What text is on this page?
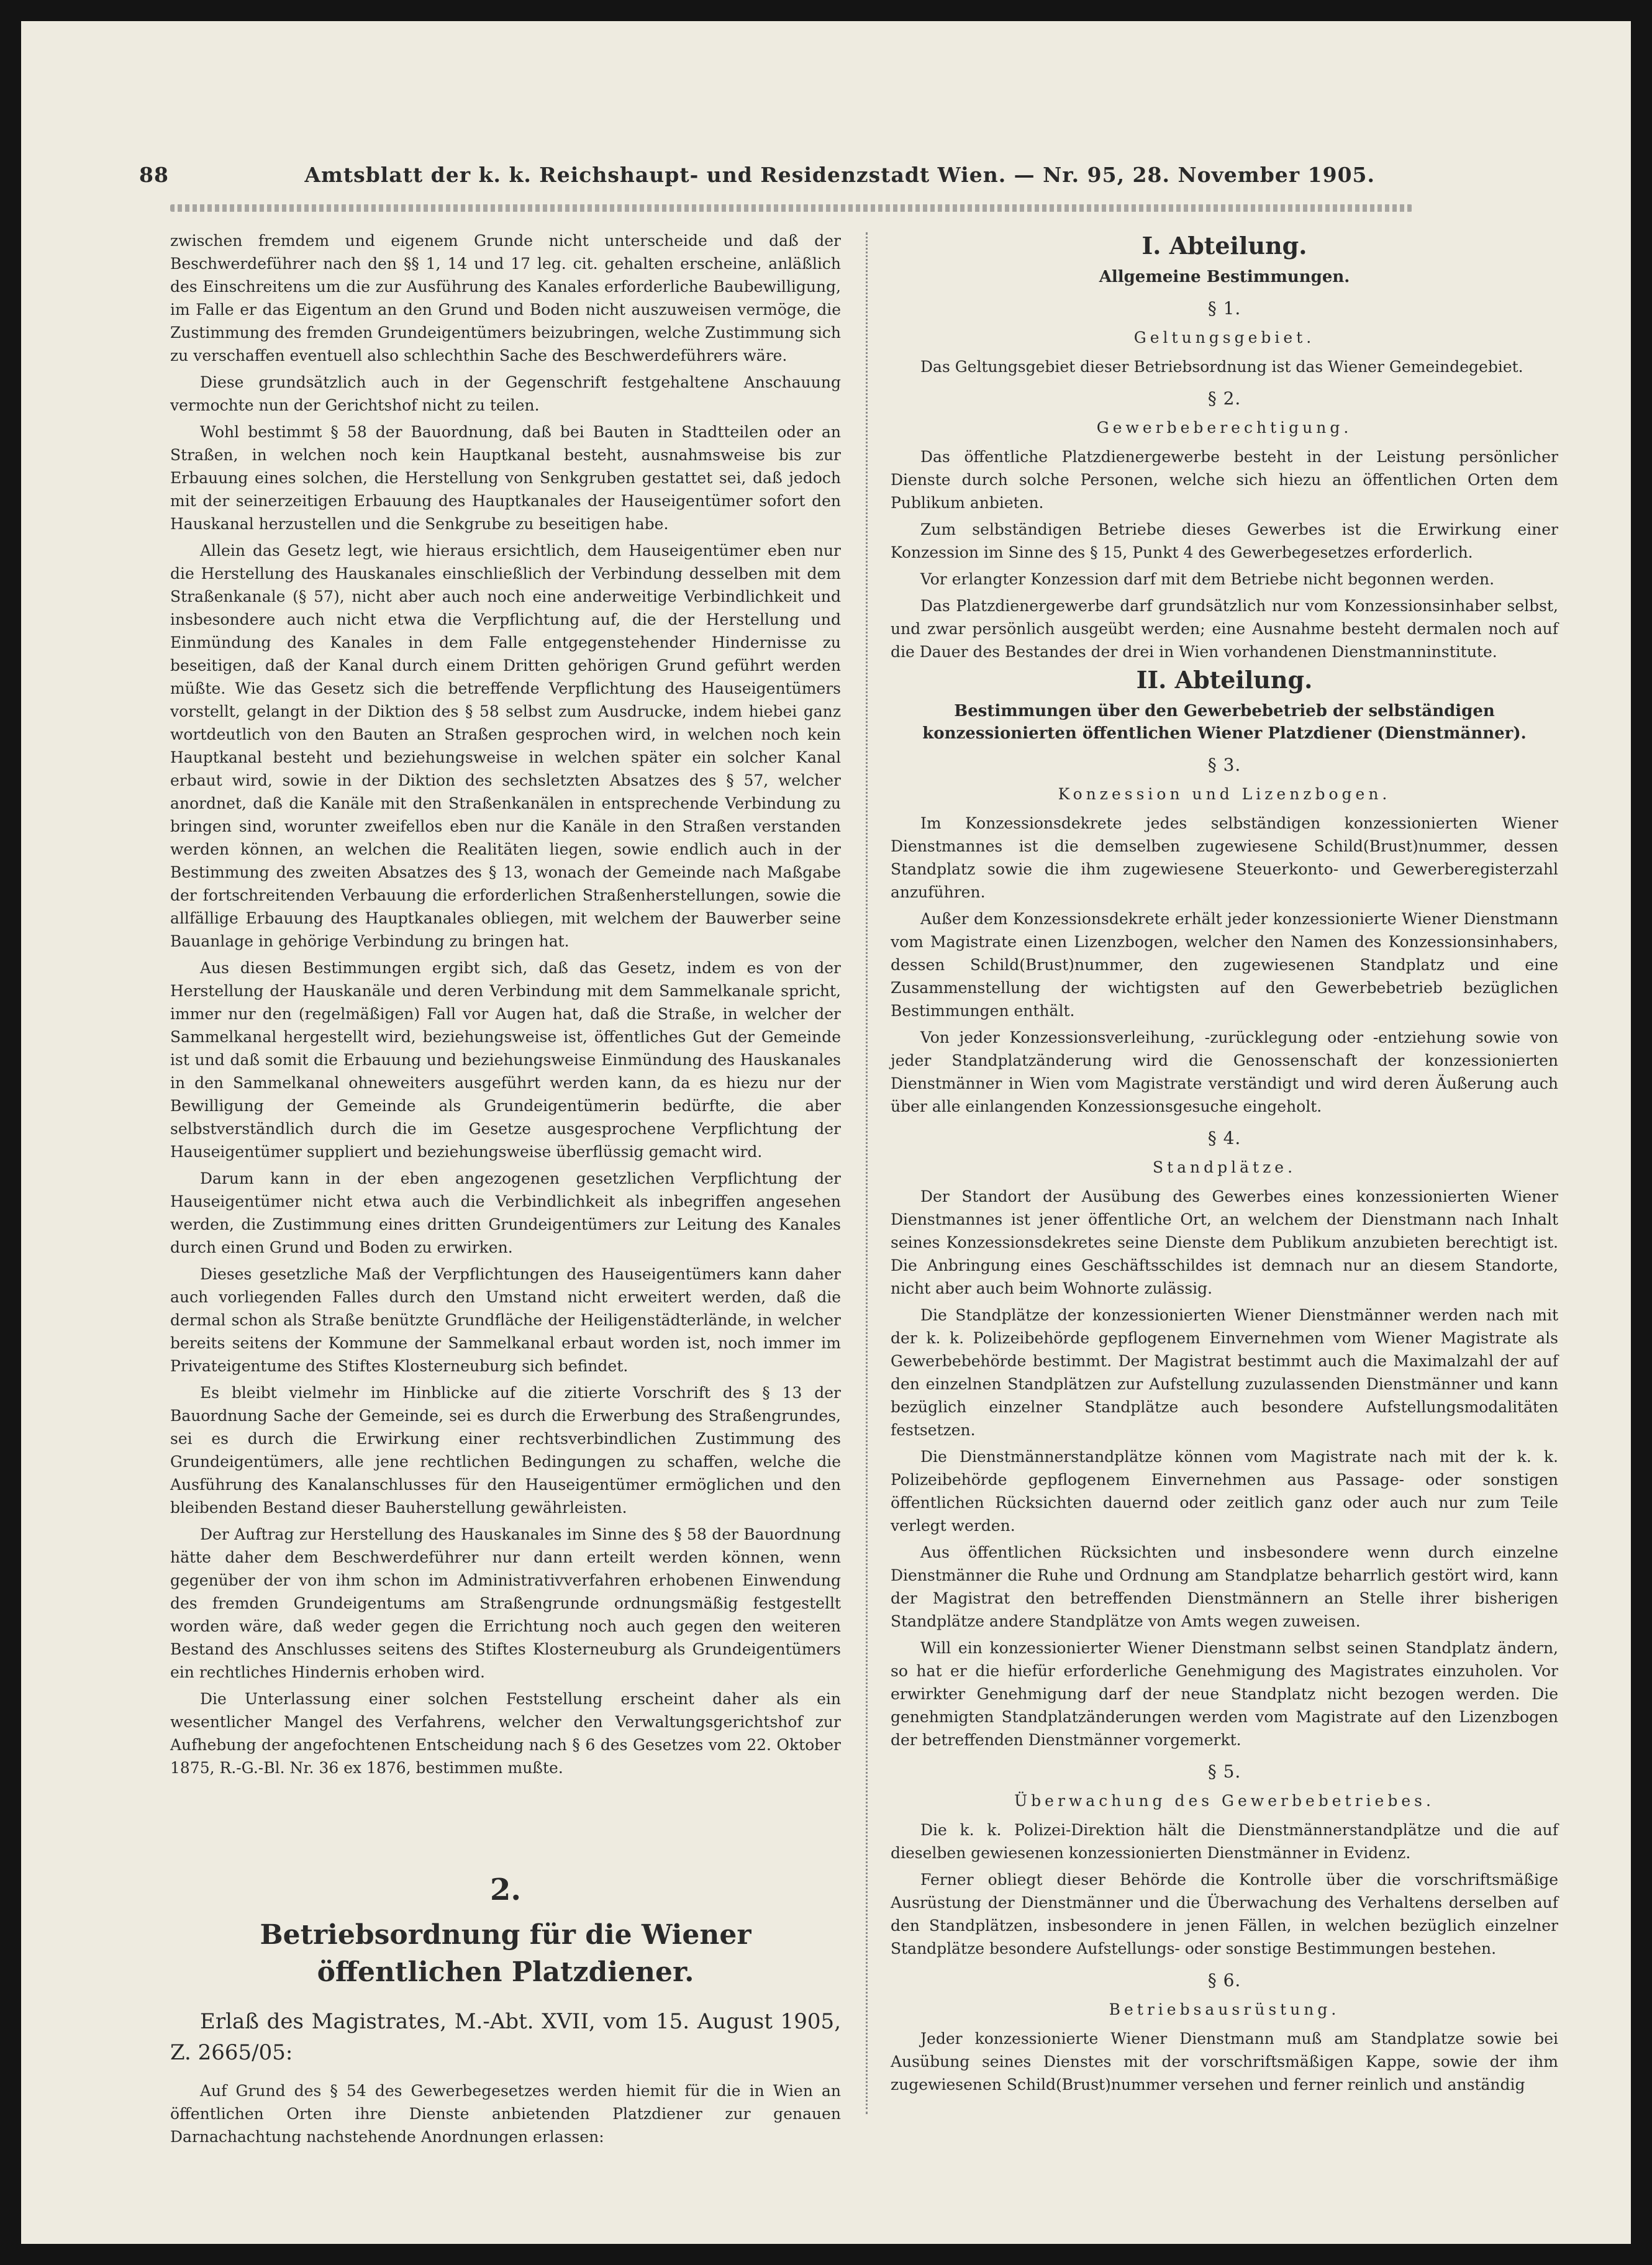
88	Amtsblatt der k. k. Reichshaupt- und Residenzstadt Wien. — Nr. 95, 28. November 1905.

zwischen fremdem und eigenem Grunde nicht unterscheide und daß der Beschwerdeführer nach den §§ 1, 14 und 17 leg. cit. gehalten erscheine, anläßlich des Einschreitens um die zur Ausführung des Kanales erforderliche Baubewilligung, im Falle er das Eigentum an den Grund und Boden nicht auszuweisen vermöge, die Zustimmung des fremden Grundeigentümers beizubringen, welche Zustimmung sich zu verschaffen eventuell also schlechthin Sache des Beschwerdeführers wäre.

Diese grundsätzlich auch in der Gegenschrift festgehaltene Anschauung vermochte nun der Gerichtshof nicht zu teilen.

Wohl bestimmt § 58 der Bauordnung, daß bei Bauten in Stadtteilen oder an Straßen, in welchen noch kein Hauptkanal besteht, ausnahmsweise bis zur Erbauung eines solchen, die Herstellung von Senkgruben gestattet sei, daß jedoch mit der seinerzeitigen Erbauung des Hauptkanales der Hauseigentümer sofort den Hauskanal herzustellen und die Senkgrube zu beseitigen habe.

Allein das Gesetz legt, wie hieraus ersichtlich, dem Hauseigentümer eben nur die Herstellung des Hauskanales einschließlich der Verbindung desselben mit dem Straßenkanale (§ 57), nicht aber auch noch eine anderweitige Verbindlichkeit und insbesondere auch nicht etwa die Verpflichtung auf, die der Herstellung und Einmündung des Kanales in dem Falle entgegenstehender Hindernisse zu beseitigen, daß der Kanal durch einem Dritten gehörigen Grund geführt werden müßte. Wie das Gesetz sich die betreffende Verpflichtung des Hauseigentümers vorstellt, gelangt in der Diktion des § 58 selbst zum Ausdrucke, indem hiebei ganz wortdeutlich von den Bauten an Straßen gesprochen wird, in welchen noch kein Hauptkanal besteht und beziehungsweise in welchen später ein solcher Kanal erbaut wird, sowie in der Diktion des sechsletzten Absatzes des § 57, welcher anordnet, daß die Kanäle mit den Straßenkanälen in entsprechende Verbindung zu bringen sind, worunter zweifellos eben nur die Kanäle in den Straßen verstanden werden können, an welchen die Realitäten liegen, sowie endlich auch in der Bestimmung des zweiten Absatzes des § 13, wonach der Gemeinde nach Maßgabe der fortschreitenden Verbauung die erforderlichen Straßenherstellungen, sowie die allfällige Erbauung des Hauptkanales obliegen, mit welchem der Bauwerber seine Bauanlage in gehörige Verbindung zu bringen hat.

Aus diesen Bestimmungen ergibt sich, daß das Gesetz, indem es von der Herstellung der Hauskanäle und deren Verbindung mit dem Sammelkanale spricht, immer nur den (regelmäßigen) Fall vor Augen hat, daß die Straße, in welcher der Sammelkanal hergestellt wird, beziehungsweise ist, öffentliches Gut der Gemeinde ist und daß somit die Erbauung und beziehungsweise Einmündung des Hauskanales in den Sammelkanal ohneweiters ausgeführt werden kann, da es hiezu nur der Bewilligung der Gemeinde als Grundeigentümerin bedürfte, die aber selbstverständlich durch die im Gesetze ausgesprochene Verpflichtung der Hauseigentümer suppliert und beziehungsweise überflüssig gemacht wird.

Darum kann in der eben angezogenen gesetzlichen Verpflichtung der Hauseigentümer nicht etwa auch die Verbindlichkeit als inbegriffen angesehen werden, die Zustimmung eines dritten Grundeigentümers zur Leitung des Kanales durch einen Grund und Boden zu erwirken.

Dieses gesetzliche Maß der Verpflichtungen des Hauseigentümers kann daher auch vorliegenden Falles durch den Umstand nicht erweitert werden, daß die dermal schon als Straße benützte Grundfläche der Heiligenstädterlände, in welcher bereits seitens der Kommune der Sammelkanal erbaut worden ist, noch immer im Privateigentume des Stiftes Klosterneuburg sich befindet.

Es bleibt vielmehr im Hinblicke auf die zitierte Vorschrift des § 13 der Bauordnung Sache der Gemeinde, sei es durch die Erwerbung des Straßengrundes, sei es durch die Erwirkung einer rechtsverbindlichen Zustimmung des Grundeigentümers, alle jene rechtlichen Bedingungen zu schaffen, welche die Ausführung des Kanalanschlusses für den Hauseigentümer ermöglichen und den bleibenden Bestand dieser Bauherstellung gewährleisten.

Der Auftrag zur Herstellung des Hauskanales im Sinne des § 58 der Bauordnung hätte daher dem Beschwerdeführer nur dann erteilt werden können, wenn gegenüber der von ihm schon im Administrativverfahren erhobenen Einwendung des fremden Grundeigentums am Straßengrunde ordnungsmäßig festgestellt worden wäre, daß weder gegen die Errichtung noch auch gegen den weiteren Bestand des Anschlusses seitens des Stiftes Klosterneuburg als Grundeigentümers ein rechtliches Hindernis erhoben wird.

Die Unterlassung einer solchen Feststellung erscheint daher als ein wesentlicher Mangel des Verfahrens, welcher den Verwaltungsgerichtshof zur Aufhebung der angefochtenen Entscheidung nach § 6 des Gesetzes vom 22. Oktober 1875, R.-G.-Bl. Nr. 36 ex 1876, bestimmen mußte.

2.
Betriebsordnung für die Wiener öffentlichen Platzdiener.

Erlaß des Magistrates, M.-Abt. XVII, vom 15. August 1905, Z. 2665/05:

Auf Grund des § 54 des Gewerbegesetzes werden hiemit für die in Wien an öffentlichen Orten ihre Dienste anbietenden Platzdiener zur genauen Darnachachtung nachstehende Anordnungen erlassen:

I. Abteilung.
Allgemeine Bestimmungen.
§ 1.
Geltungsgebiet.

Das Geltungsgebiet dieser Betriebsordnung ist das Wiener Gemeindegebiet.

§ 2.
Gewerbeberechtigung.

Das öffentliche Platzdienergewerbe besteht in der Leistung persönlicher Dienste durch solche Personen, welche sich hiezu an öffentlichen Orten dem Publikum anbieten.

Zum selbständigen Betriebe dieses Gewerbes ist die Erwirkung einer Konzession im Sinne des § 15, Punkt 4 des Gewerbegesetzes erforderlich.

Vor erlangter Konzession darf mit dem Betriebe nicht begonnen werden.

Das Platzdienergewerbe darf grundsätzlich nur vom Konzessionsinhaber selbst, und zwar persönlich ausgeübt werden; eine Ausnahme besteht dermalen noch auf die Dauer des Bestandes der drei in Wien vorhandenen Dienstmanninstitute.

II. Abteilung.
Bestimmungen über den Gewerbebetrieb der selbständigen konzessionierten öffentlichen Wiener Platzdiener (Dienstmänner).
§ 3.
Konzession und Lizenzbogen.

Im Konzessionsdekrete jedes selbständigen konzessionierten Wiener Dienstmannes ist die demselben zugewiesene Schild(Brust)nummer, dessen Standplatz sowie die ihm zugewiesene Steuerkonto- und Gewerberegisterzahl anzuführen.

Außer dem Konzessionsdekrete erhält jeder konzessionierte Wiener Dienstmann vom Magistrate einen Lizenzbogen, welcher den Namen des Konzessionsinhabers, dessen Schild(Brust)nummer, den zugewiesenen Standplatz und eine Zusammenstellung der wichtigsten auf den Gewerbebetrieb bezüglichen Bestimmungen enthält.

Von jeder Konzessionsverleihung, -zurücklegung oder -entziehung sowie von jeder Standplatzänderung wird die Genossenschaft der konzessionierten Dienstmänner in Wien vom Magistrate verständigt und wird deren Äußerung auch über alle einlangenden Konzessionsgesuche eingeholt.

§ 4.
Standplätze.

Der Standort der Ausübung des Gewerbes eines konzessionierten Wiener Dienstmannes ist jener öffentliche Ort, an welchem der Dienstmann nach Inhalt seines Konzessionsdekretes seine Dienste dem Publikum anzubieten berechtigt ist. Die Anbringung eines Geschäftsschildes ist demnach nur an diesem Standorte, nicht aber auch beim Wohnorte zulässig.

Die Standplätze der konzessionierten Wiener Dienstmänner werden nach mit der k. k. Polizeibehörde gepflogenem Einvernehmen vom Wiener Magistrate als Gewerbebehörde bestimmt. Der Magistrat bestimmt auch die Maximalzahl der auf den einzelnen Standplätzen zur Aufstellung zuzulassenden Dienstmänner und kann bezüglich einzelner Standplätze auch besondere Aufstellungsmodalitäten festsetzen.

Die Dienstmännerstandplätze können vom Magistrate nach mit der k. k. Polizeibehörde gepflogenem Einvernehmen aus Passage- oder sonstigen öffentlichen Rücksichten dauernd oder zeitlich ganz oder auch nur zum Teile verlegt werden.

Aus öffentlichen Rücksichten und insbesondere wenn durch einzelne Dienstmänner die Ruhe und Ordnung am Standplatze beharrlich gestört wird, kann der Magistrat den betreffenden Dienstmännern an Stelle ihrer bisherigen Standplätze andere Standplätze von Amts wegen zuweisen.

Will ein konzessionierter Wiener Dienstmann selbst seinen Standplatz ändern, so hat er die hiefür erforderliche Genehmigung des Magistrates einzuholen. Vor erwirkter Genehmigung darf der neue Standplatz nicht bezogen werden. Die genehmigten Standplatzänderungen werden vom Magistrate auf den Lizenzbogen der betreffenden Dienstmänner vorgemerkt.

§ 5.
Überwachung des Gewerbebetriebes.

Die k. k. Polizei-Direktion hält die Dienstmännerstandplätze und die auf dieselben gewiesenen konzessionierten Dienstmänner in Evidenz.

Ferner obliegt dieser Behörde die Kontrolle über die vorschriftsmäßige Ausrüstung der Dienstmänner und die Überwachung des Verhaltens derselben auf den Standplätzen, insbesondere in jenen Fällen, in welchen bezüglich einzelner Standplätze besondere Aufstellungs- oder sonstige Bestimmungen bestehen.

§ 6.
Betriebsausrüstung.

Jeder konzessionierte Wiener Dienstmann muß am Standplatze sowie bei Ausübung seines Dienstes mit der vorschriftsmäßigen Kappe, sowie der ihm zugewiesenen Schild(Brust)nummer versehen und ferner reinlich und anständig
